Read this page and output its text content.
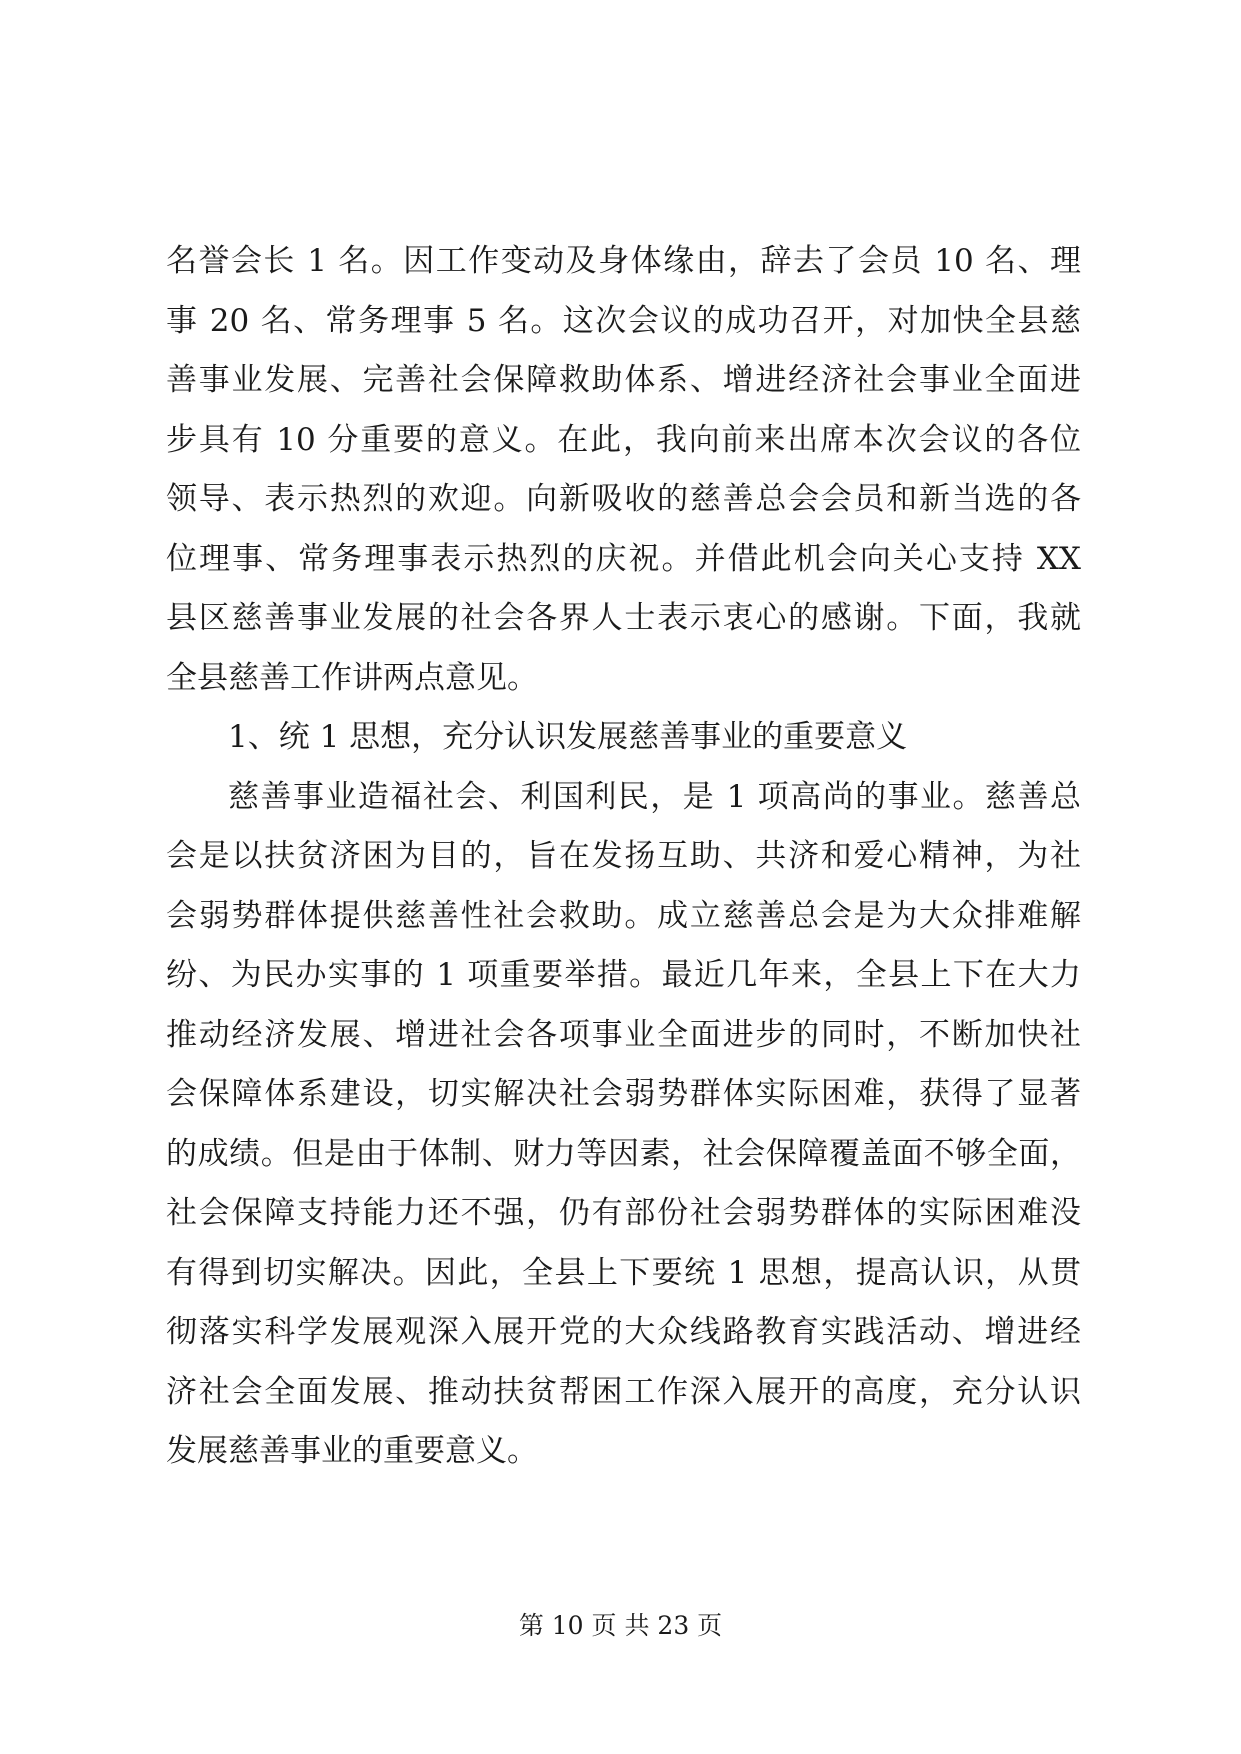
名誉会长 1 名。因工作变动及身体缘由，辞去了会员 10 名、理
事 20 名、常务理事 5 名。这次会议的成功召开，对加快全县慈
善事业发展、完善社会保障救助体系、增进经济社会事业全面进
步具有 10 分重要的意义。在此，我向前来出席本次会议的各位
领导、表示热烈的欢迎。向新吸收的慈善总会会员和新当选的各
位理事、常务理事表示热烈的庆祝。并借此机会向关心支持 XX
县区慈善事业发展的社会各界人士表示衷心的感谢。下面，我就
全县慈善工作讲两点意见。
1、统 1 思想，充分认识发展慈善事业的重要意义
慈善事业造福社会、利国利民，是 1 项高尚的事业。慈善总
会是以扶贫济困为目的，旨在发扬互助、共济和爱心精神，为社
会弱势群体提供慈善性社会救助。成立慈善总会是为大众排难解
纷、为民办实事的 1 项重要举措。最近几年来，全县上下在大力
推动经济发展、增进社会各项事业全面进步的同时，不断加快社
会保障体系建设，切实解决社会弱势群体实际困难，获得了显著
的成绩。但是由于体制、财力等因素，社会保障覆盖面不够全面，
社会保障支持能力还不强，仍有部份社会弱势群体的实际困难没
有得到切实解决。因此，全县上下要统 1 思想，提高认识，从贯
彻落实科学发展观深入展开党的大众线路教育实践活动、增进经
济社会全面发展、推动扶贫帮困工作深入展开的高度，充分认识
发展慈善事业的重要意义。
第 10 页 共 23 页
